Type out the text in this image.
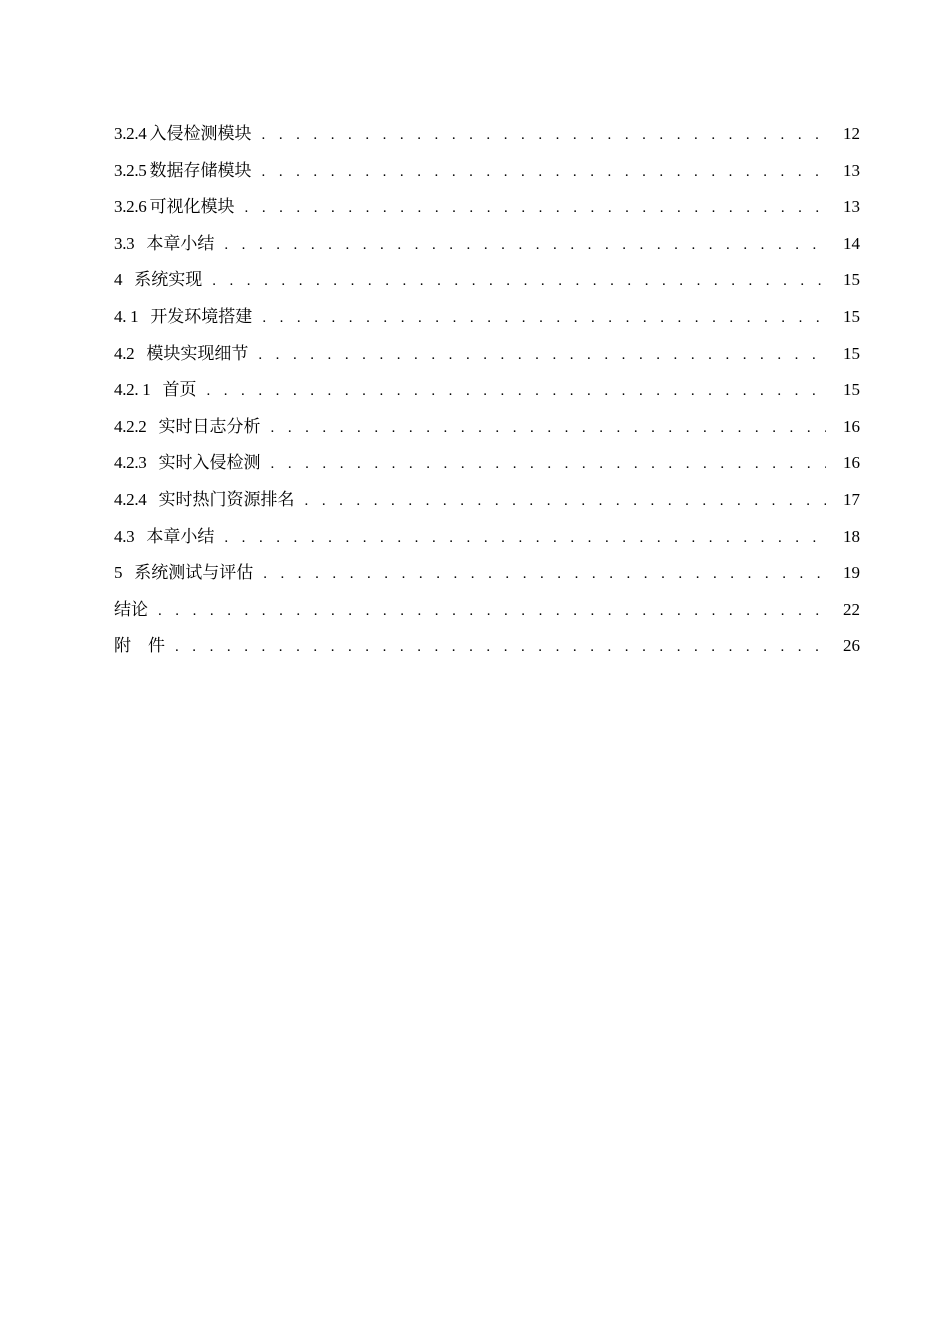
3.2.4 入侵检测模块 . . .	12
3.2.5 数据存储模块 . . .	13
3.2.6 可视化模块 . . .	13
3.3 本章小结 . . .	14
4 系统实现 . . .	15
4. 1 开发环境搭建 . . .	15
4.2 模块实现细节 . . .	15
4.2. 1 首页 . . .	15
4.2.2 实时日志分析 . . .	16
4.2.3 实时入侵检测 . . .	16
4.2.4 实时热门资源排名 . . .	17
4.3 本章小结 . . .	18
5 系统测试与评估 . . .	19
结论 . . .	22
附    件 . . .	26
